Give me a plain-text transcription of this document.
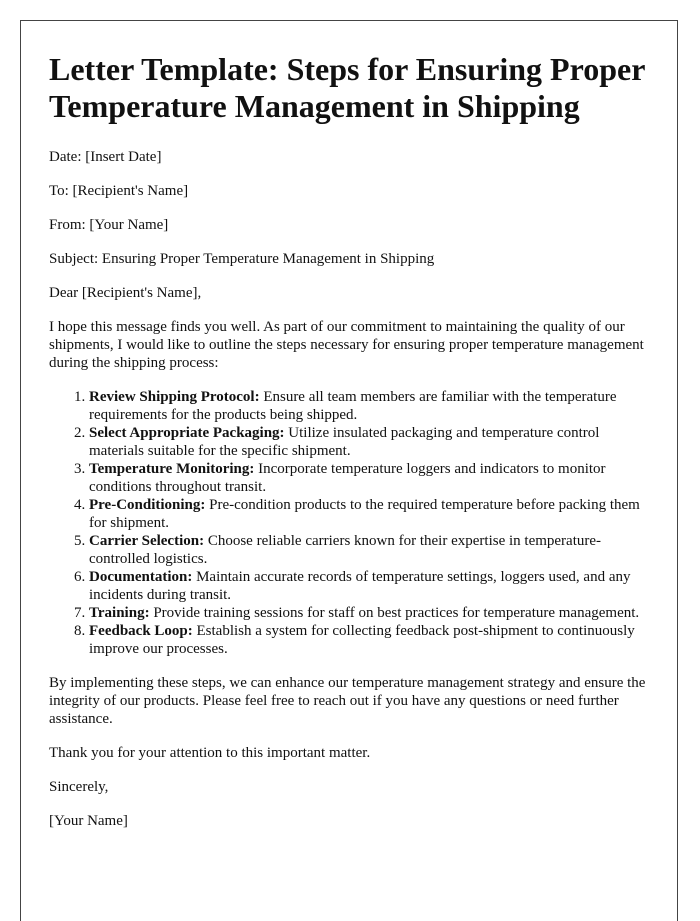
Letter Template: Steps for Ensuring Proper Temperature Management in Shipping

Date: [Insert Date]

To: [Recipient's Name]

From: [Your Name]

Subject: Ensuring Proper Temperature Management in Shipping

Dear [Recipient's Name],

I hope this message finds you well. As part of our commitment to maintaining the quality of our shipments, I would like to outline the steps necessary for ensuring proper temperature management during the shipping process:

1. Review Shipping Protocol: Ensure all team members are familiar with the temperature requirements for the products being shipped.
2. Select Appropriate Packaging: Utilize insulated packaging and temperature control materials suitable for the specific shipment.
3. Temperature Monitoring: Incorporate temperature loggers and indicators to monitor conditions throughout transit.
4. Pre-Conditioning: Pre-condition products to the required temperature before packing them for shipment.
5. Carrier Selection: Choose reliable carriers known for their expertise in temperature-controlled logistics.
6. Documentation: Maintain accurate records of temperature settings, loggers used, and any incidents during transit.
7. Training: Provide training sessions for staff on best practices for temperature management.
8. Feedback Loop: Establish a system for collecting feedback post-shipment to continuously improve our processes.

By implementing these steps, we can enhance our temperature management strategy and ensure the integrity of our products. Please feel free to reach out if you have any questions or need further assistance.

Thank you for your attention to this important matter.

Sincerely,

[Your Name]
